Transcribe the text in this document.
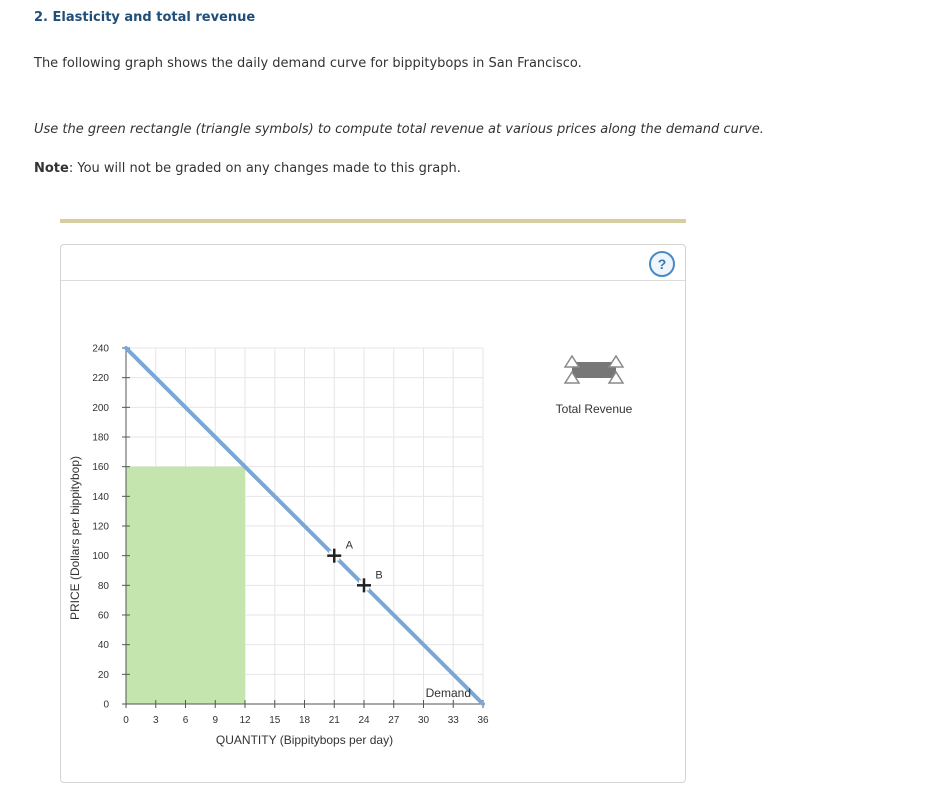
2. Elasticity and total revenue
The following graph shows the daily demand curve for bippitybops in San Francisco.
Use the green rectangle (triangle symbols) to compute total revenue at various prices along the demand curve.
Note: You will not be graded on any changes made to this graph.
?
0
20
40
60
80
100
120
140
160
180
200
220
240
0 3 6 9 12 15 18 21 24 27 30 33 36
QUANTITY (Bippitybops per day)
PRICE (Dollars per bippitybop)
Demand
A
B
Total Revenue
